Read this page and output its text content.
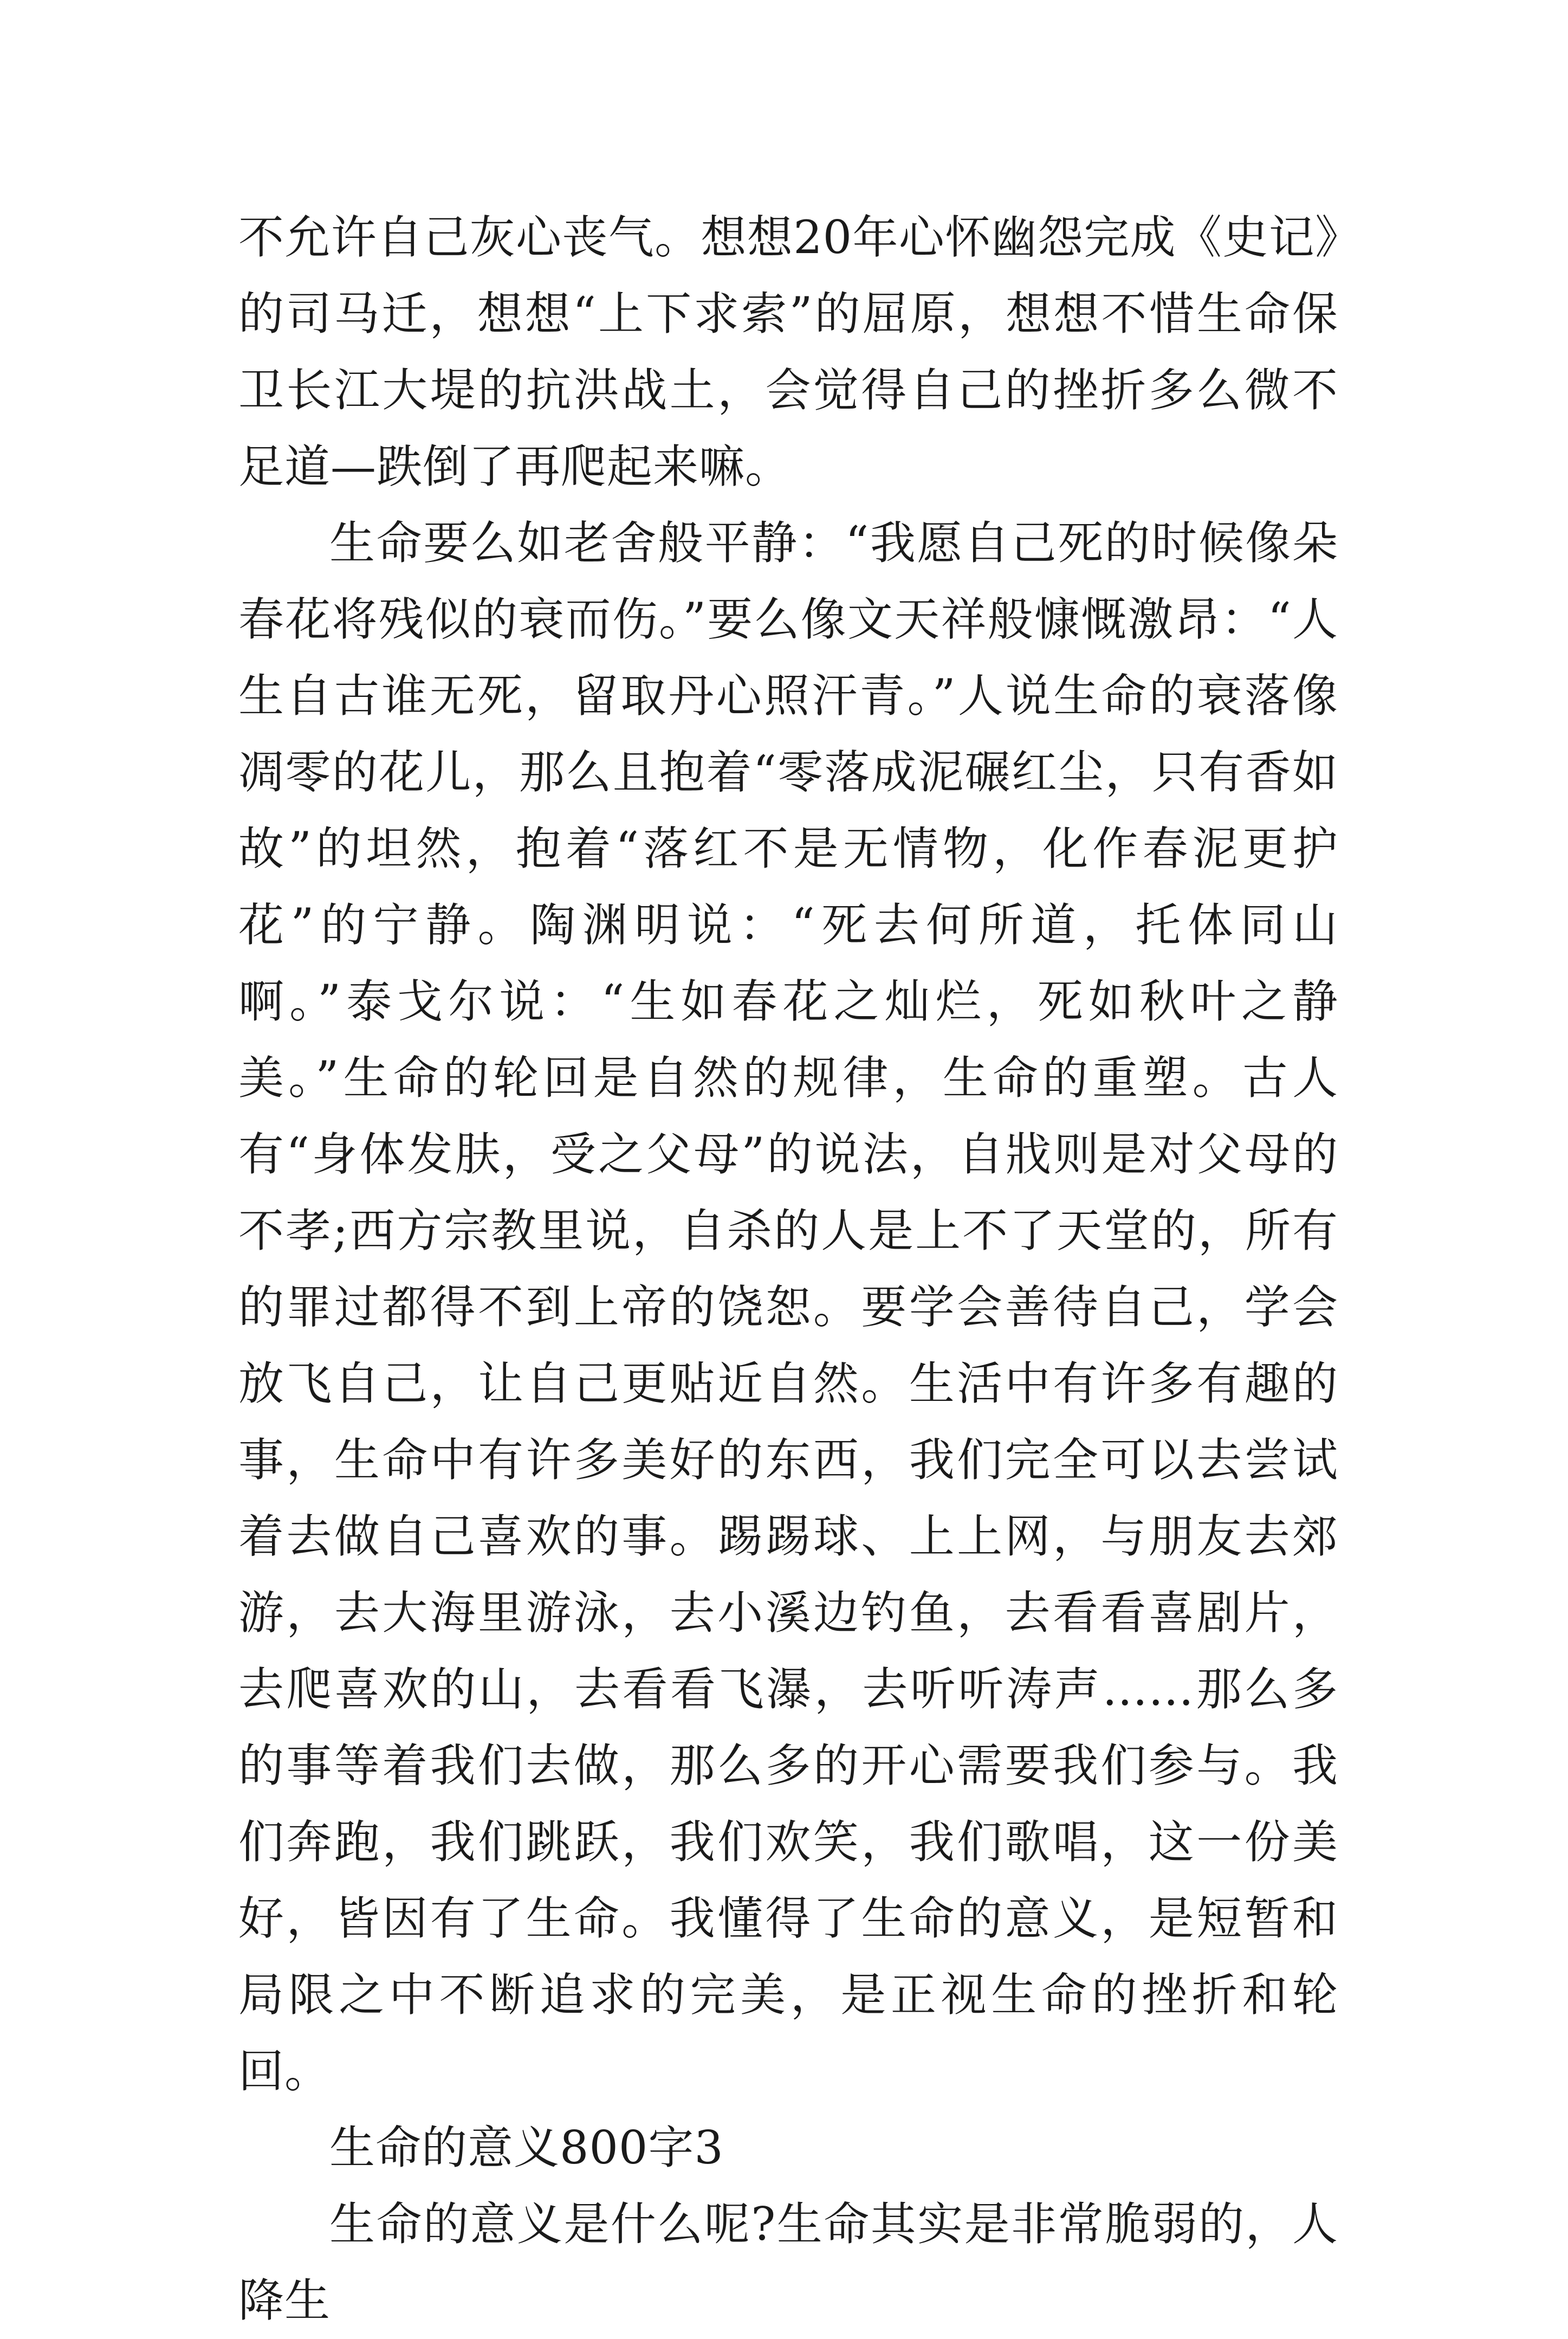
不允许自己灰心丧气。想想20年心怀幽怨完成《史记》的司马迁，想想“上下求索”的屈原，想想不惜生命保卫长江大堤的抗洪战土，会觉得自己的挫折多么微不足道—跌倒了再爬起来嘛。

生命要么如老舍般平静：“我愿自己死的时候像朵春花将残似的衰而伤。”要么像文天祥般慷慨激昂：“人生自古谁无死，留取丹心照汗青。”人说生命的衰落像凋零的花儿，那么且抱着“零落成泥碾红尘，只有香如故”的坦然，抱着“落红不是无情物，化作春泥更护花”的宁静。陶渊明说：“死去何所道，托体同山啊。”泰戈尔说：“生如春花之灿烂，死如秋叶之静美。”生命的轮回是自然的规律，生命的重塑。古人有“身体发肤，受之父母”的说法，自戕则是对父母的不孝;西方宗教里说，自杀的人是上不了天堂的，所有的罪过都得不到上帝的饶恕。要学会善待自己，学会放飞自己，让自己更贴近自然。生活中有许多有趣的事，生命中有许多美好的东西，我们完全可以去尝试着去做自己喜欢的事。踢踢球、上上网，与朋友去郊游，去大海里游泳，去小溪边钓鱼，去看看喜剧片，去爬喜欢的山，去看看飞瀑，去听听涛声……那么多的事等着我们去做，那么多的开心需要我们参与。我们奔跑，我们跳跃，我们欢笑，我们歌唱，这一份美好，皆因有了生命。我懂得了生命的意义，是短暂和局限之中不断追求的完美，是正视生命的挫折和轮回。

生命的意义800字3

生命的意义是什么呢?生命其实是非常脆弱的，人降生
